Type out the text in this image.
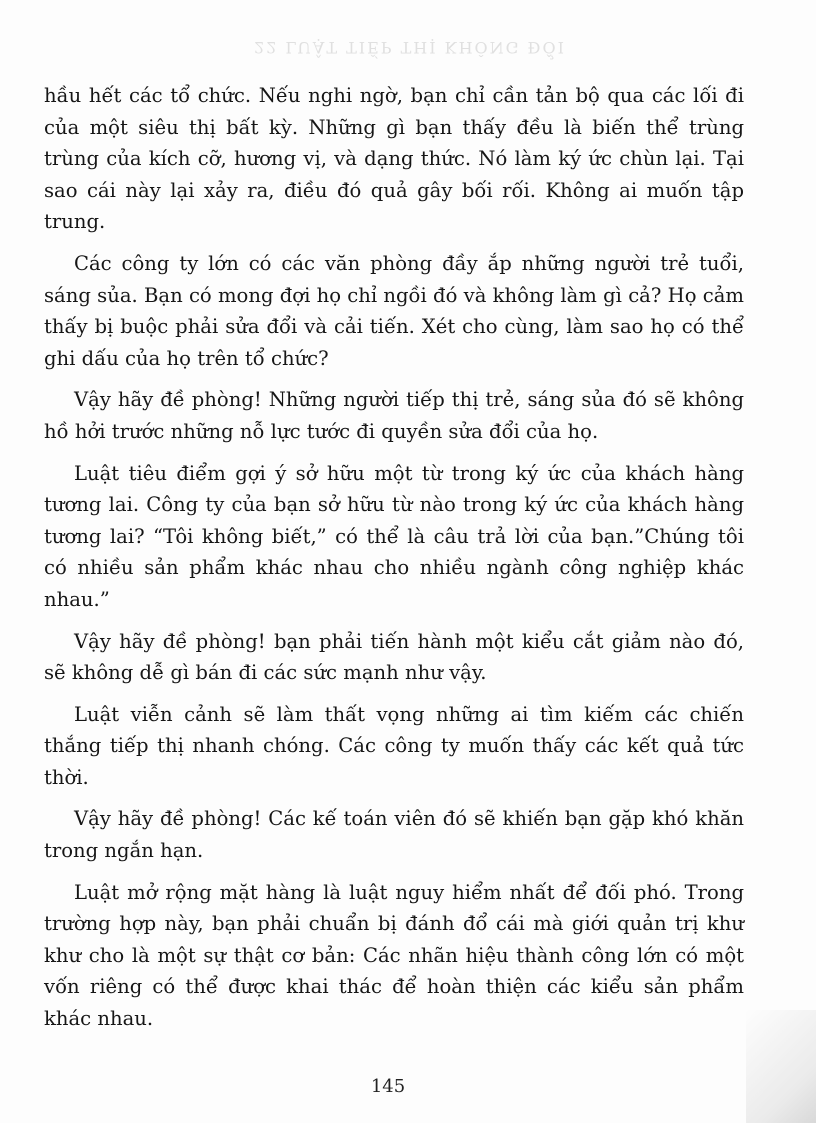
22 LUẬT TIẾP THỊ KHÔNG ĐỔI

hầu hết các tổ chức. Nếu nghi ngờ, bạn chỉ cần tản bộ qua các lối đi của một siêu thị bất kỳ. Những gì bạn thấy đều là biến thể trùng trùng của kích cỡ, hương vị, và dạng thức. Nó làm ký ức chùn lại. Tại sao cái này lại xảy ra, điều đó quả gây bối rối. Không ai muốn tập trung.

Các công ty lớn có các văn phòng đầy ắp những người trẻ tuổi, sáng sủa. Bạn có mong đợi họ chỉ ngồi đó và không làm gì cả? Họ cảm thấy bị buộc phải sửa đổi và cải tiến. Xét cho cùng, làm sao họ có thể ghi dấu của họ trên tổ chức?

Vậy hãy đề phòng! Những người tiếp thị trẻ, sáng sủa đó sẽ không hồ hởi trước những nỗ lực tước đi quyền sửa đổi của họ.

Luật tiêu điểm gợi ý sở hữu một từ trong ký ức của khách hàng tương lai. Công ty của bạn sở hữu từ nào trong ký ức của khách hàng tương lai? “Tôi không biết,” có thể là câu trả lời của bạn.”Chúng tôi có nhiều sản phẩm khác nhau cho nhiều ngành công nghiệp khác nhau.”

Vậy hãy đề phòng! bạn phải tiến hành một kiểu cắt giảm nào đó, sẽ không dễ gì bán đi các sức mạnh như vậy.

Luật viễn cảnh sẽ làm thất vọng những ai tìm kiếm các chiến thắng tiếp thị nhanh chóng. Các công ty muốn thấy các kết quả tức thời.

Vậy hãy đề phòng! Các kế toán viên đó sẽ khiến bạn gặp khó khăn trong ngắn hạn.

Luật mở rộng mặt hàng là luật nguy hiểm nhất để đối phó. Trong trường hợp này, bạn phải chuẩn bị đánh đổ cái mà giới quản trị khư khư cho là một sự thật cơ bản: Các nhãn hiệu thành công lớn có một vốn riêng có thể được khai thác để hoàn thiện các kiểu sản phẩm khác nhau.

145
